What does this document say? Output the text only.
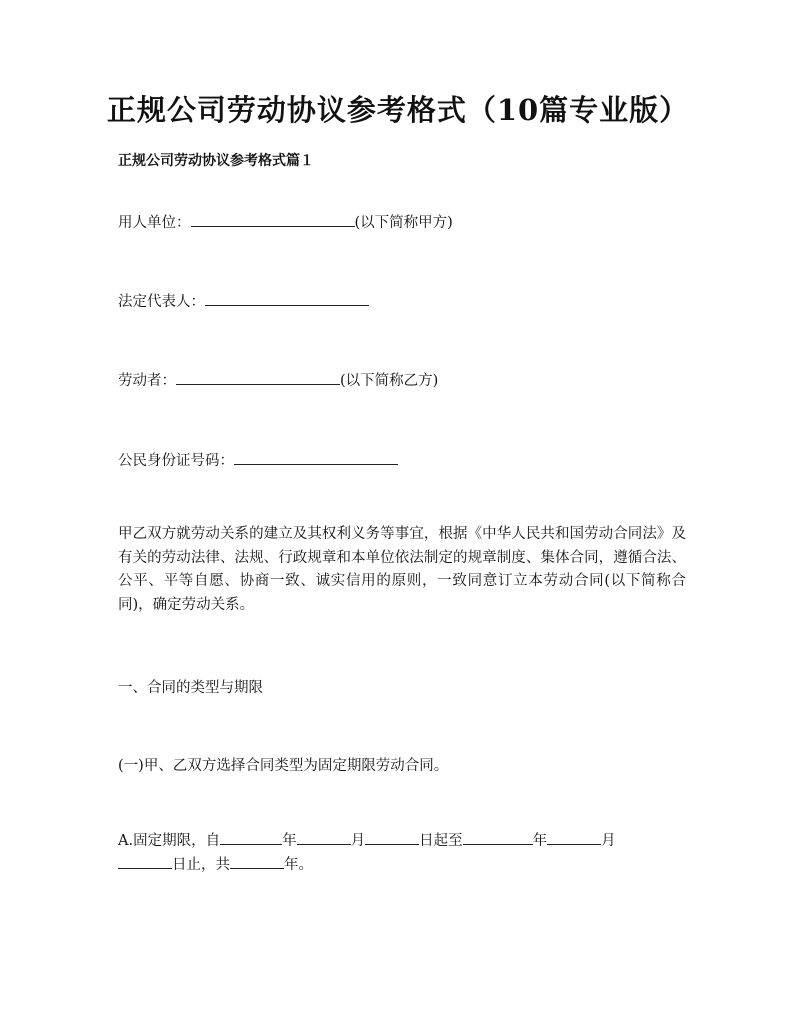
正规公司劳动协议参考格式（10篇专业版）
正规公司劳动协议参考格式篇１
用人单位：	(以下简称甲方)
法定代表人：
劳动者：	(以下简称乙方)
公民身份证号码：
甲乙双方就劳动关系的建立及其权利义务等事宜，根据《中华人民共和国劳动合同法》及有关的劳动法律、法规、行政规章和本单位依法制定的规章制度、集体合同，遵循合法、公平、平等自愿、协商一致、诚实信用的原则，一致同意订立本劳动合同(以下简称合同)，确定劳动关系。
一、合同的类型与期限
(一)甲、乙双方选择合同类型为固定期限劳动合同。
A.固定期限，自	年	月	日起至	年	月
日止，共	年。
